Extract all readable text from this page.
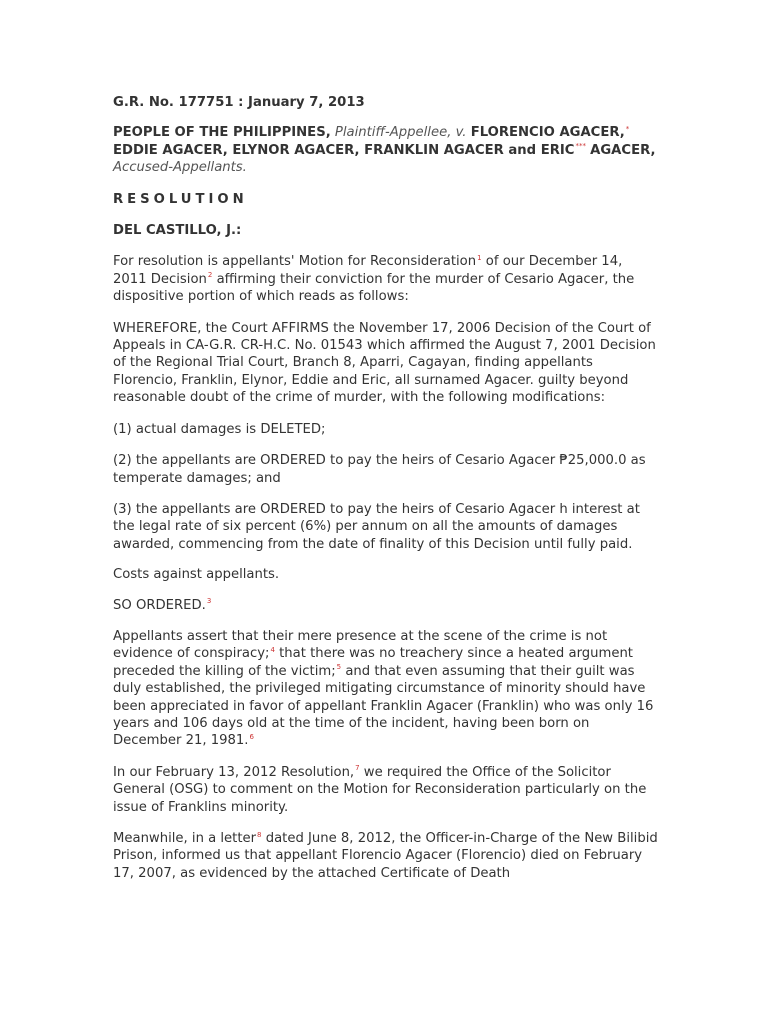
G.R. No. 177751 : January 7, 2013

PEOPLE OF THE PHILIPPINES, Plaintiff-Appellee, v. FLORENCIO AGACER,* EDDIE AGACER, ELYNOR AGACER, FRANKLIN AGACER and ERIC*** AGACER, Accused-Appellants.

RESOLUTION

DEL CASTILLO, J.:

For resolution is appellants' Motion for Reconsideration$^1$ of our December 14, 2011 Decision$^2$ affirming their conviction for the murder of Cesario Agacer, the dispositive portion of which reads as follows:

WHEREFORE, the Court AFFIRMS the November 17, 2006 Decision of the Court of Appeals in CA-G.R. CR-H.C. No. 01543 which affirmed the August 7, 2001 Decision of the Regional Trial Court, Branch 8, Aparri, Cagayan, finding appellants Florencio, Franklin, Elynor, Eddie and Eric, all surnamed Agacer. guilty beyond reasonable doubt of the crime of murder, with the following modifications:

(1) actual damages is DELETED;

(2) the appellants are ORDERED to pay the heirs of Cesario Agacer ₱25,000.0 as temperate damages; and

(3) the appellants are ORDERED to pay the heirs of Cesario Agacer h interest at the legal rate of six percent (6%) per annum on all the amounts of damages awarded, commencing from the date of finality of this Decision until fully paid.

Costs against appellants.

SO ORDERED.$^3$

Appellants assert that their mere presence at the scene of the crime is not evidence of conspiracy;$^4$ that there was no treachery since a heated argument preceded the killing of the victim;$^5$ and that even assuming that their guilt was duly established, the privileged mitigating circumstance of minority should have been appreciated in favor of appellant Franklin Agacer (Franklin) who was only 16 years and 106 days old at the time of the incident, having been born on December 21, 1981.$^6$

In our February 13, 2012 Resolution,$^7$ we required the Office of the Solicitor General (OSG) to comment on the Motion for Reconsideration particularly on the issue of Franklins minority.

Meanwhile, in a letter$^8$ dated June 8, 2012, the Officer-in-Charge of the New Bilibid Prison, informed us that appellant Florencio Agacer (Florencio) died on February 17, 2007, as evidenced by the attached Certificate of Death
